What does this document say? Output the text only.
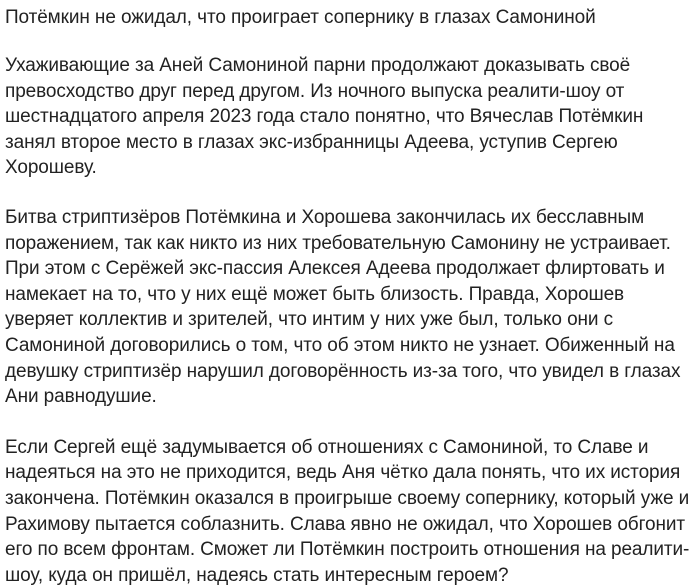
Потёмкин не ожидал, что проиграет сопернику в глазах Самониной

Ухаживающие за Аней Самониной парни продолжают доказывать своё превосходство друг перед другом. Из ночного выпуска реалити-шоу от шестнадцатого апреля 2023 года стало понятно, что Вячеслав Потёмкин занял второе место в глазах экс-избранницы Адеева, уступив Сергею Хорошеву.

Битва стриптизёров Потёмкина и Хорошева закончилась их бесславным поражением, так как никто из них требовательную Самонину не устраивает. При этом с Серёжей экс-пассия Алексея Адеева продолжает флиртовать и намекает на то, что у них ещё может быть близость. Правда, Хорошев уверяет коллектив и зрителей, что интим у них уже был, только они с Самониной договорились о том, что об этом никто не узнает. Обиженный на девушку стриптизёр нарушил договорённость из-за того, что увидел в глазах Ани равнодушие.

Если Сергей ещё задумывается об отношениях с Самониной, то Славе и надеяться на это не приходится, ведь Аня чётко дала понять, что их история закончена. Потёмкин оказался в проигрыше своему сопернику, который уже и Рахимову пытается соблазнить. Слава явно не ожидал, что Хорошев обгонит его по всем фронтам. Сможет ли Потёмкин построить отношения на реалити-шоу, куда он пришёл, надеясь стать интересным героем?
